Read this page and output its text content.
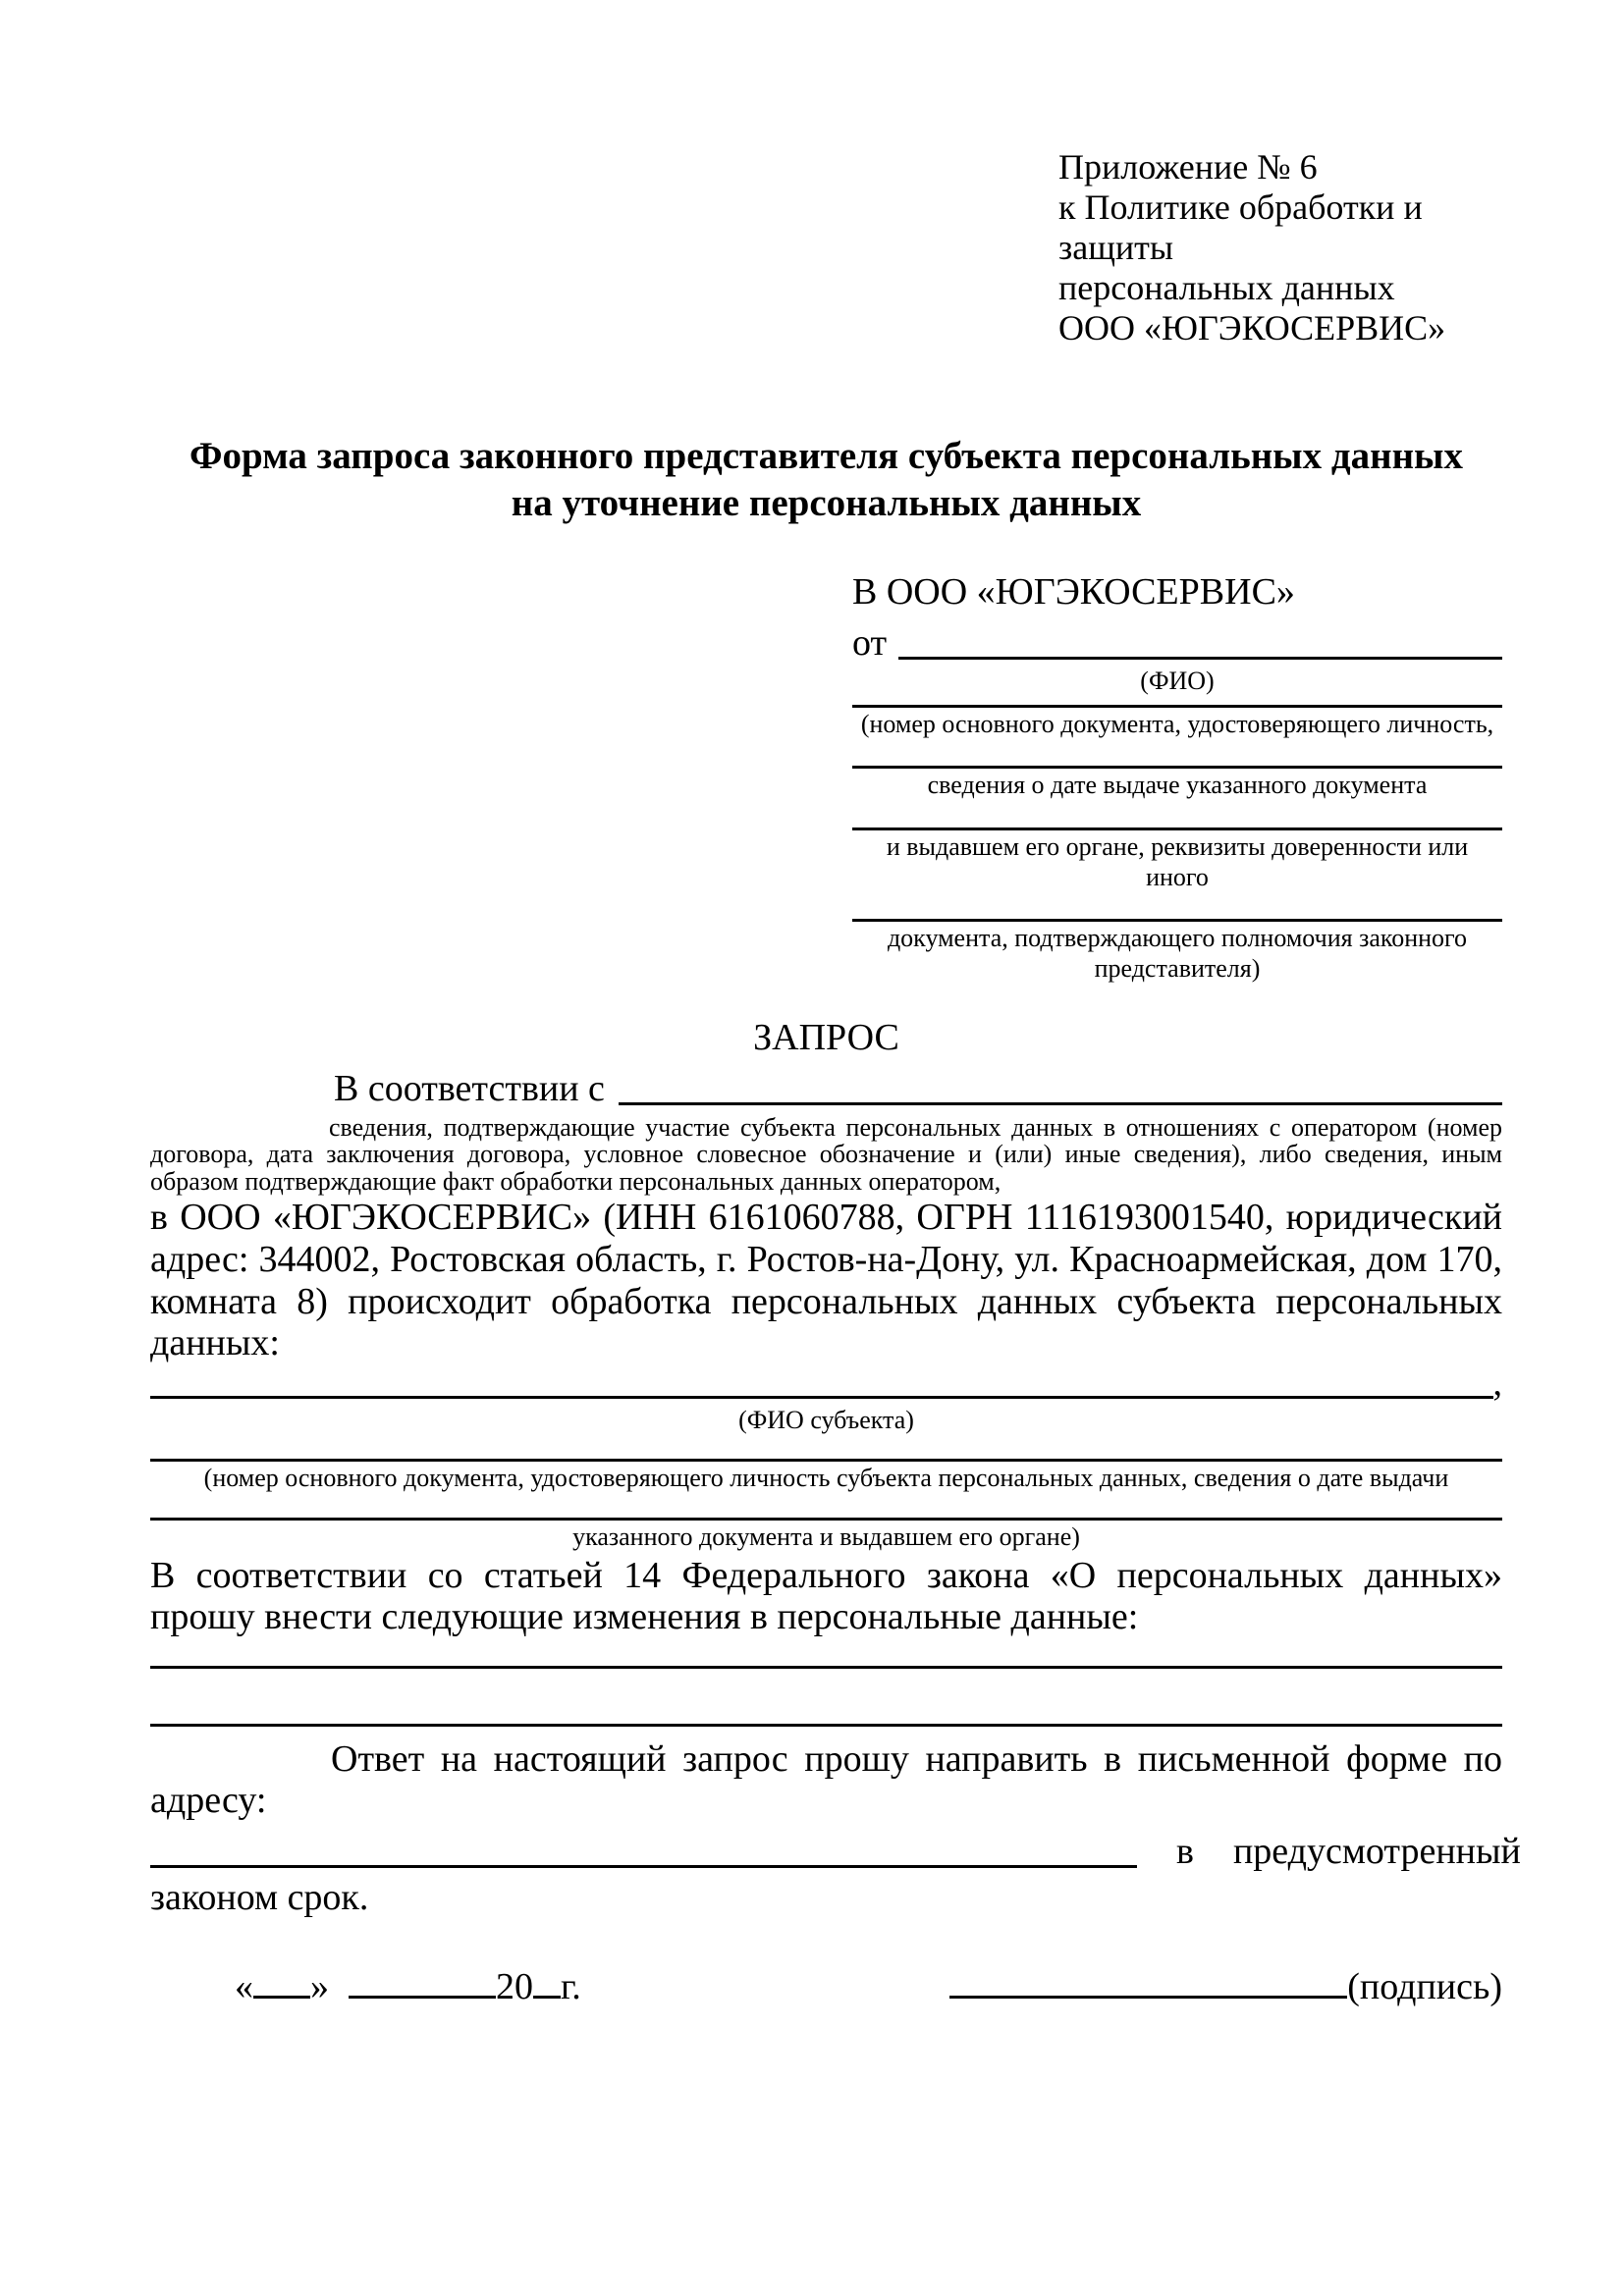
Приложение № 6
к Политике обработки и защиты
персональных данных
ООО «ЮГЭКОСЕРВИС»
Форма запроса законного представителя субъекта персональных данных
на уточнение персональных данных
В ООО «ЮГЭКОСЕРВИС»
от
(ФИО)
(номер основного документа, удостоверяющего личность,
сведения о дате выдаче указанного документа
и выдавшем его органе, реквизиты доверенности или иного
документа, подтверждающего полномочия законного представителя)
ЗАПРОС
В соответствии с
сведения, подтверждающие участие субъекта персональных данных в отношениях с оператором (номер договора, дата заключения договора, условное словесное обозначение и (или) иные сведения), либо сведения, иным образом подтверждающие факт обработки персональных данных оператором,

в ООО «ЮГЭКОСЕРВИС» (ИНН 6161060788, ОГРН 1116193001540, юридический адрес: 344002, Ростовская область, г. Ростов-на-Дону, ул. Красноармейская, дом 170, комната 8) происходит обработка персональных данных субъекта персональных данных:

,
(ФИО субъекта)
(номер основного документа, удостоверяющего личность субъекта персональных данных, сведения о дате выдачи
указанного документа и выдавшем его органе)

В соответствии со статьей 14 Федерального закона «О персональных данных» прошу внести следующие изменения в персональные данные:

Ответ на настоящий запрос прошу направить в письменной форме по адресу:

в предусмотренный

законом срок.

« »	20 г.	(подпись)
